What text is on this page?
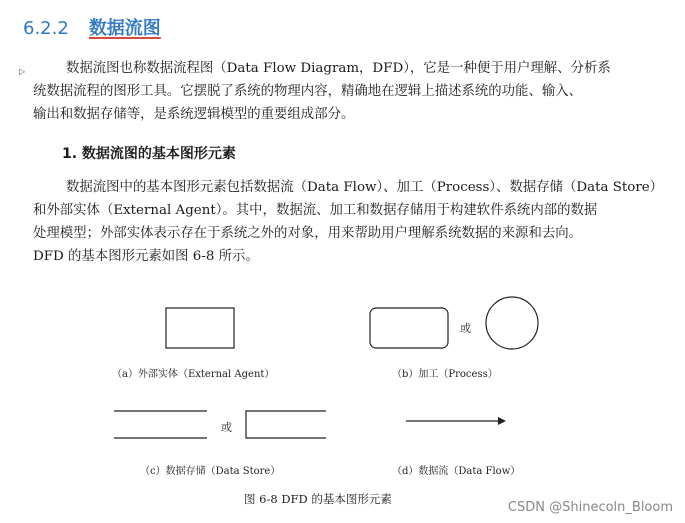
6.2.2 数据流图
▷	数据流图也称数据流程图（Data Flow Diagram，DFD），它是一种便于用户理解、分析系
统数据流程的图形工具。它摆脱了系统的物理内容，精确地在逻辑上描述系统的功能、输入、
输出和数据存储等，是系统逻辑模型的重要组成部分。
1. 数据流图的基本图形元素
数据流图中的基本图形元素包括数据流（Data Flow）、加工（Process）、数据存储（Data Store）
和外部实体（External Agent）。其中，数据流、加工和数据存储用于构建软件系统内部的数据
处理模型；外部实体表示存在于系统之外的对象，用来帮助用户理解系统数据的来源和去向。
DFD 的基本图形元素如图 6-8 所示。
或
或
（a）外部实体（External Agent）	（b）加工（Process）
（c）数据存储（Data Store）	（d）数据流（Data Flow）
图 6-8 DFD 的基本图形元素
CSDN @Shinecoln_Bloom
